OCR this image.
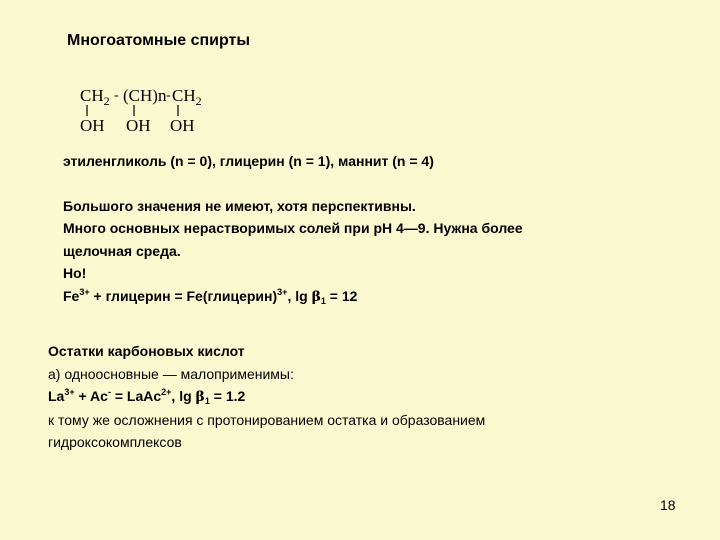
Многоатомные спирты
$CH_2 - (CH)n - CH_2$
OH OH OH
этиленгликоль (n = 0), глицерин (n = 1), маннит (n = 4)
Большого значения не имеют, хотя перспективны.
Много основных нерастворимых солей при рН 4—9. Нужна более
щелочная среда.
Но!
$Fe^{3+}$ + глицерин = Fe(глицерин)$^{3+}$, $\lg \beta_1 = 12$
Остатки карбоновых кислот
а) одноосновные — малоприменимы:
$La^{3+} + Ac^-$ = LaAc$^{2+}$, $\lg \beta_1 = 1.2$
к тому же осложнения с протонированием остатка и образованием
гидроксокомплексов
18
